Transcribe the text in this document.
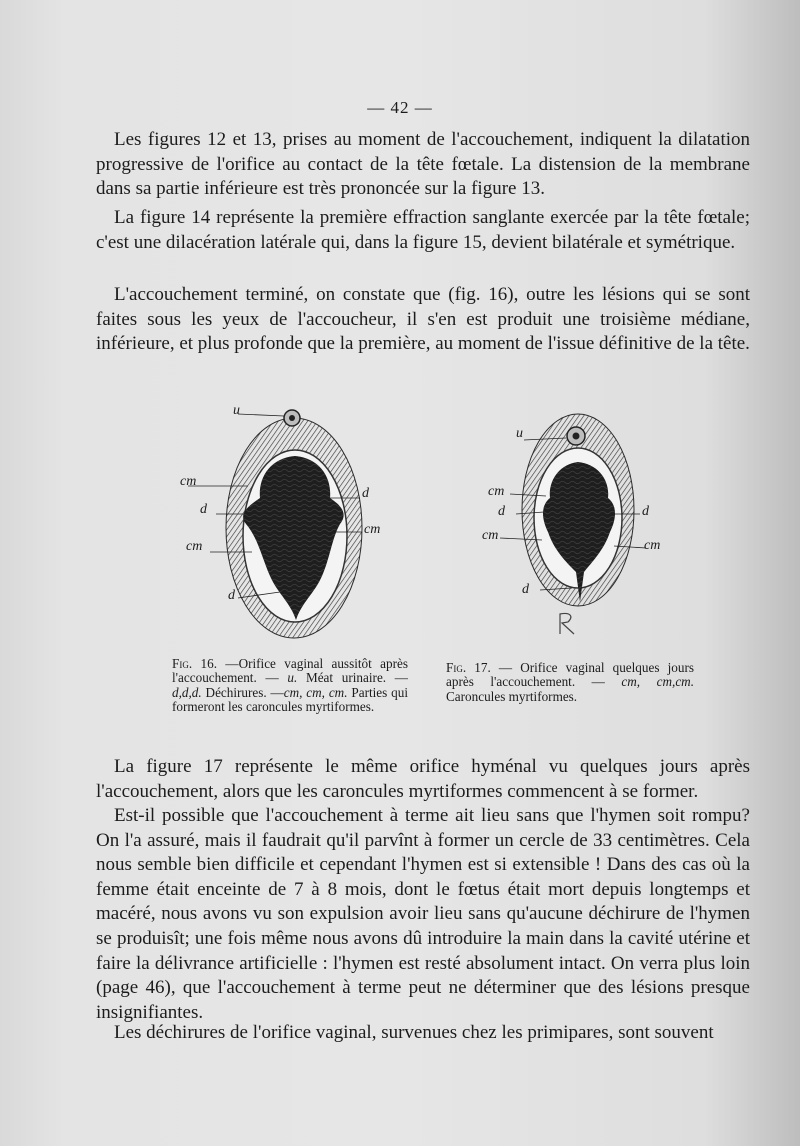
— 42 —

Les figures 12 et 13, prises au moment de l'accouchement, indiquent la dilatation progressive de l'orifice au contact de la tête fœtale. La distension de la membrane dans sa partie inférieure est très prononcée sur la figure 13.

La figure 14 représente la première effraction sanglante exercée par la tête fœtale; c'est une dilacération latérale qui, dans la figure 15, devient bilatérale et symétrique.

L'accouchement terminé, on constate que (fig. 16), outre les lésions qui se sont faites sous les yeux de l'accoucheur, il s'en est produit une troisième médiane, inférieure, et plus profonde que la première, au moment de l'issue définitive de la tête.

u
cm
d
cm
d
cm
d

Fig. 16. —Orifice vaginal aussitôt après l'accouchement. — u. Méat urinaire. — d,d,d. Déchirures. —cm, cm, cm. Parties qui formeront les caroncules myrtiformes.

u
cm
d
cm
d
cm
d

Fig. 17. — Orifice vaginal quelques jours après l'accouchement. — cm, cm,cm. Caroncules myrtiformes.

La figure 17 représente le même orifice hyménal vu quelques jours après l'accouchement, alors que les caroncules myrtiformes commencent à se former.

Est-il possible que l'accouchement à terme ait lieu sans que l'hymen soit rompu? On l'a assuré, mais il faudrait qu'il parvînt à former un cercle de 33 centimètres. Cela nous semble bien difficile et cependant l'hymen est si extensible ! Dans des cas où la femme était enceinte de 7 à 8 mois, dont le fœtus était mort depuis longtemps et macéré, nous avons vu son expulsion avoir lieu sans qu'aucune déchirure de l'hymen se produisît; une fois même nous avons dû introduire la main dans la cavité utérine et faire la délivrance artificielle : l'hymen est resté absolument intact. On verra plus loin (page 46), que l'accouchement à terme peut ne déterminer que des lésions presque insignifiantes.

Les déchirures de l'orifice vaginal, survenues chez les primipares, sont souvent
